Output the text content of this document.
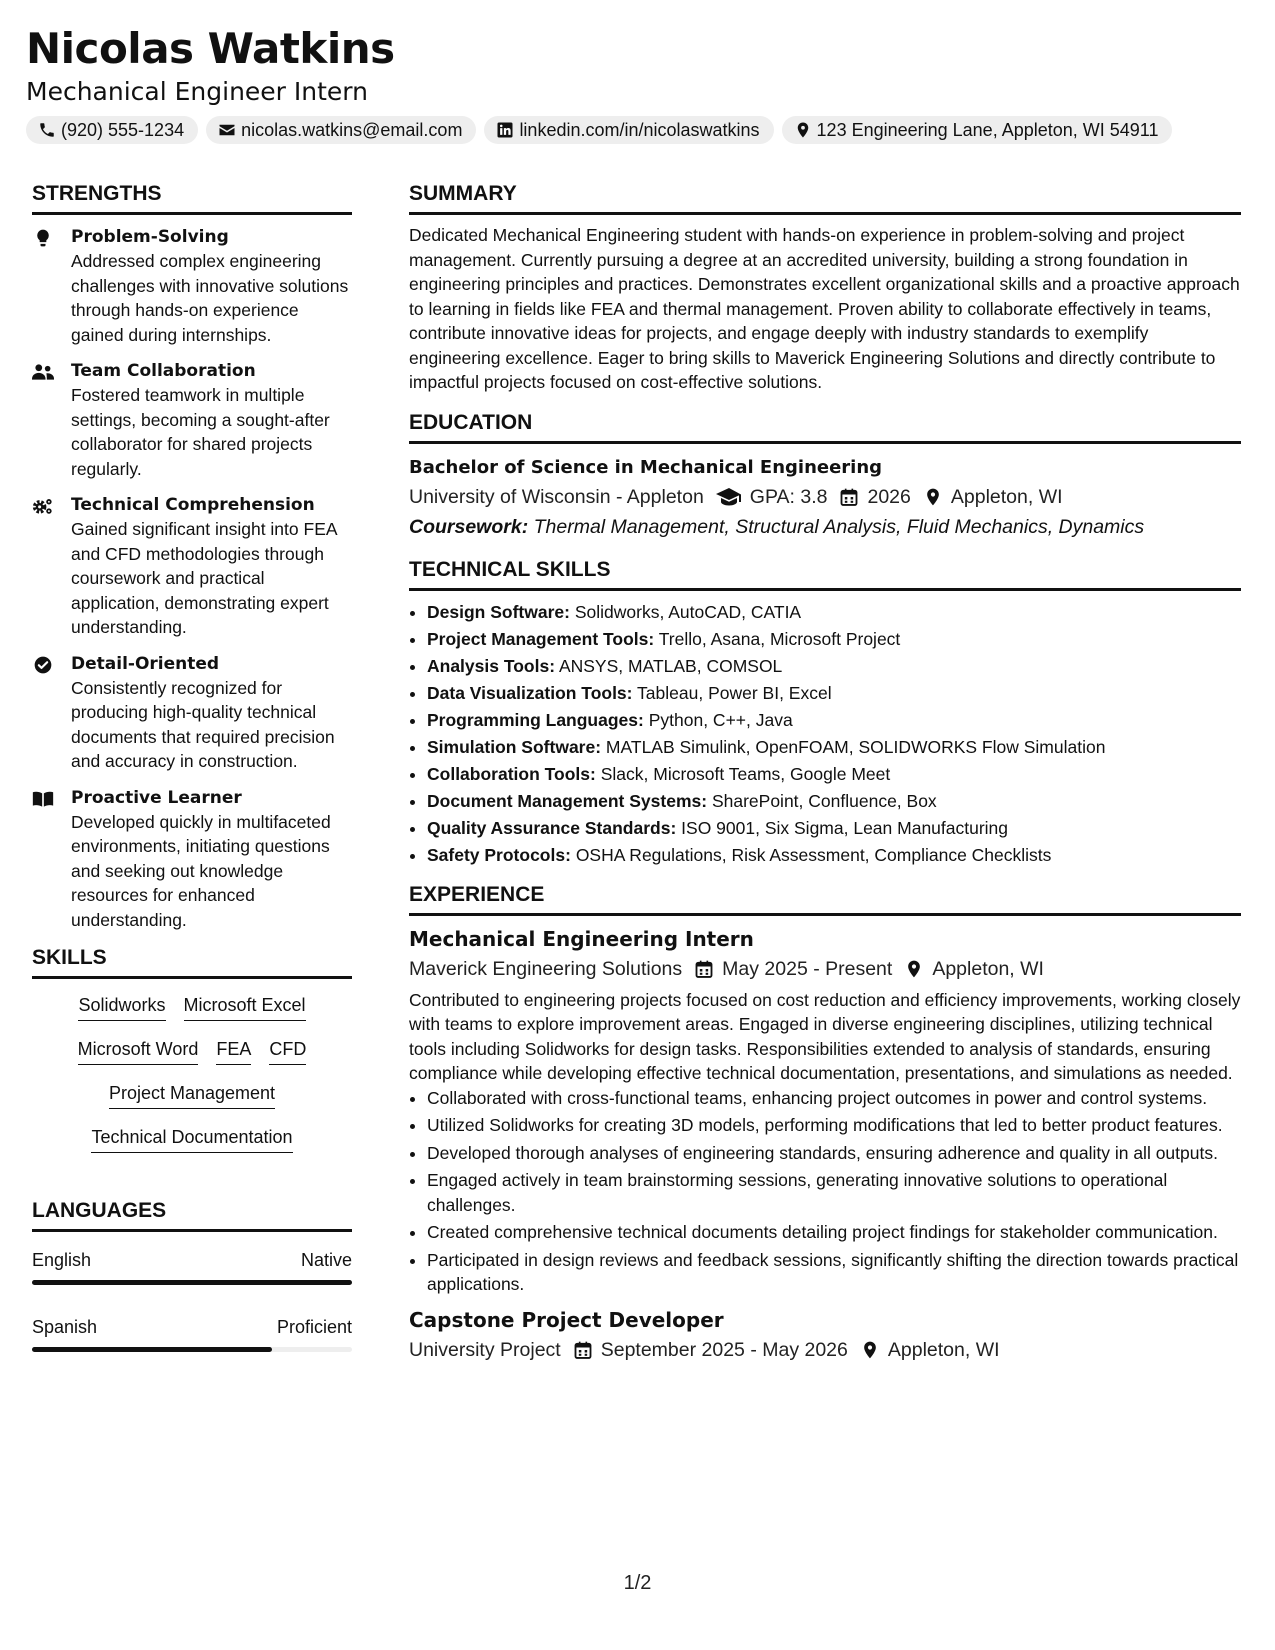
Nicolas Watkins
Mechanical Engineer Intern
(920) 555-1234	nicolas.watkins@email.com	linkedin.com/in/nicolaswatkins	123 Engineering Lane, Appleton, WI 54911
STRENGTHS
Problem-Solving
Addressed complex engineering challenges with innovative solutions through hands-on experience gained during internships.
Team Collaboration
Fostered teamwork in multiple settings, becoming a sought-after collaborator for shared projects regularly.
Technical Comprehension
Gained significant insight into FEA and CFD methodologies through coursework and practical application, demonstrating expert understanding.
Detail-Oriented
Consistently recognized for producing high-quality technical documents that required precision and accuracy in construction.
Proactive Learner
Developed quickly in multifaceted environments, initiating questions and seeking out knowledge resources for enhanced understanding.
SKILLS
Solidworks Microsoft Excel
Microsoft Word FEA CFD
Project Management
Technical Documentation
LANGUAGES
English	Native
Spanish	Proficient
SUMMARY
Dedicated Mechanical Engineering student with hands-on experience in problem-solving and project management. Currently pursuing a degree at an accredited university, building a strong foundation in engineering principles and practices. Demonstrates excellent organizational skills and a proactive approach to learning in fields like FEA and thermal management. Proven ability to collaborate effectively in teams, contribute innovative ideas for projects, and engage deeply with industry standards to exemplify engineering excellence. Eager to bring skills to Maverick Engineering Solutions and directly contribute to impactful projects focused on cost-effective solutions.
EDUCATION
Bachelor of Science in Mechanical Engineering
University of Wisconsin - Appleton GPA: 3.8 2026 Appleton, WI
Coursework: Thermal Management, Structural Analysis, Fluid Mechanics, Dynamics
TECHNICAL SKILLS
• Design Software: Solidworks, AutoCAD, CATIA
• Project Management Tools: Trello, Asana, Microsoft Project
• Analysis Tools: ANSYS, MATLAB, COMSOL
• Data Visualization Tools: Tableau, Power BI, Excel
• Programming Languages: Python, C++, Java
• Simulation Software: MATLAB Simulink, OpenFOAM, SOLIDWORKS Flow Simulation
• Collaboration Tools: Slack, Microsoft Teams, Google Meet
• Document Management Systems: SharePoint, Confluence, Box
• Quality Assurance Standards: ISO 9001, Six Sigma, Lean Manufacturing
• Safety Protocols: OSHA Regulations, Risk Assessment, Compliance Checklists
EXPERIENCE
Mechanical Engineering Intern
Maverick Engineering Solutions May 2025 - Present Appleton, WI
Contributed to engineering projects focused on cost reduction and efficiency improvements, working closely with teams to explore improvement areas. Engaged in diverse engineering disciplines, utilizing technical tools including Solidworks for design tasks. Responsibilities extended to analysis of standards, ensuring compliance while developing effective technical documentation, presentations, and simulations as needed.
• Collaborated with cross-functional teams, enhancing project outcomes in power and control systems.
• Utilized Solidworks for creating 3D models, performing modifications that led to better product features.
• Developed thorough analyses of engineering standards, ensuring adherence and quality in all outputs.
• Engaged actively in team brainstorming sessions, generating innovative solutions to operational challenges.
• Created comprehensive technical documents detailing project findings for stakeholder communication.
• Participated in design reviews and feedback sessions, significantly shifting the direction towards practical applications.
Capstone Project Developer
University Project September 2025 - May 2026 Appleton, WI
1/2
